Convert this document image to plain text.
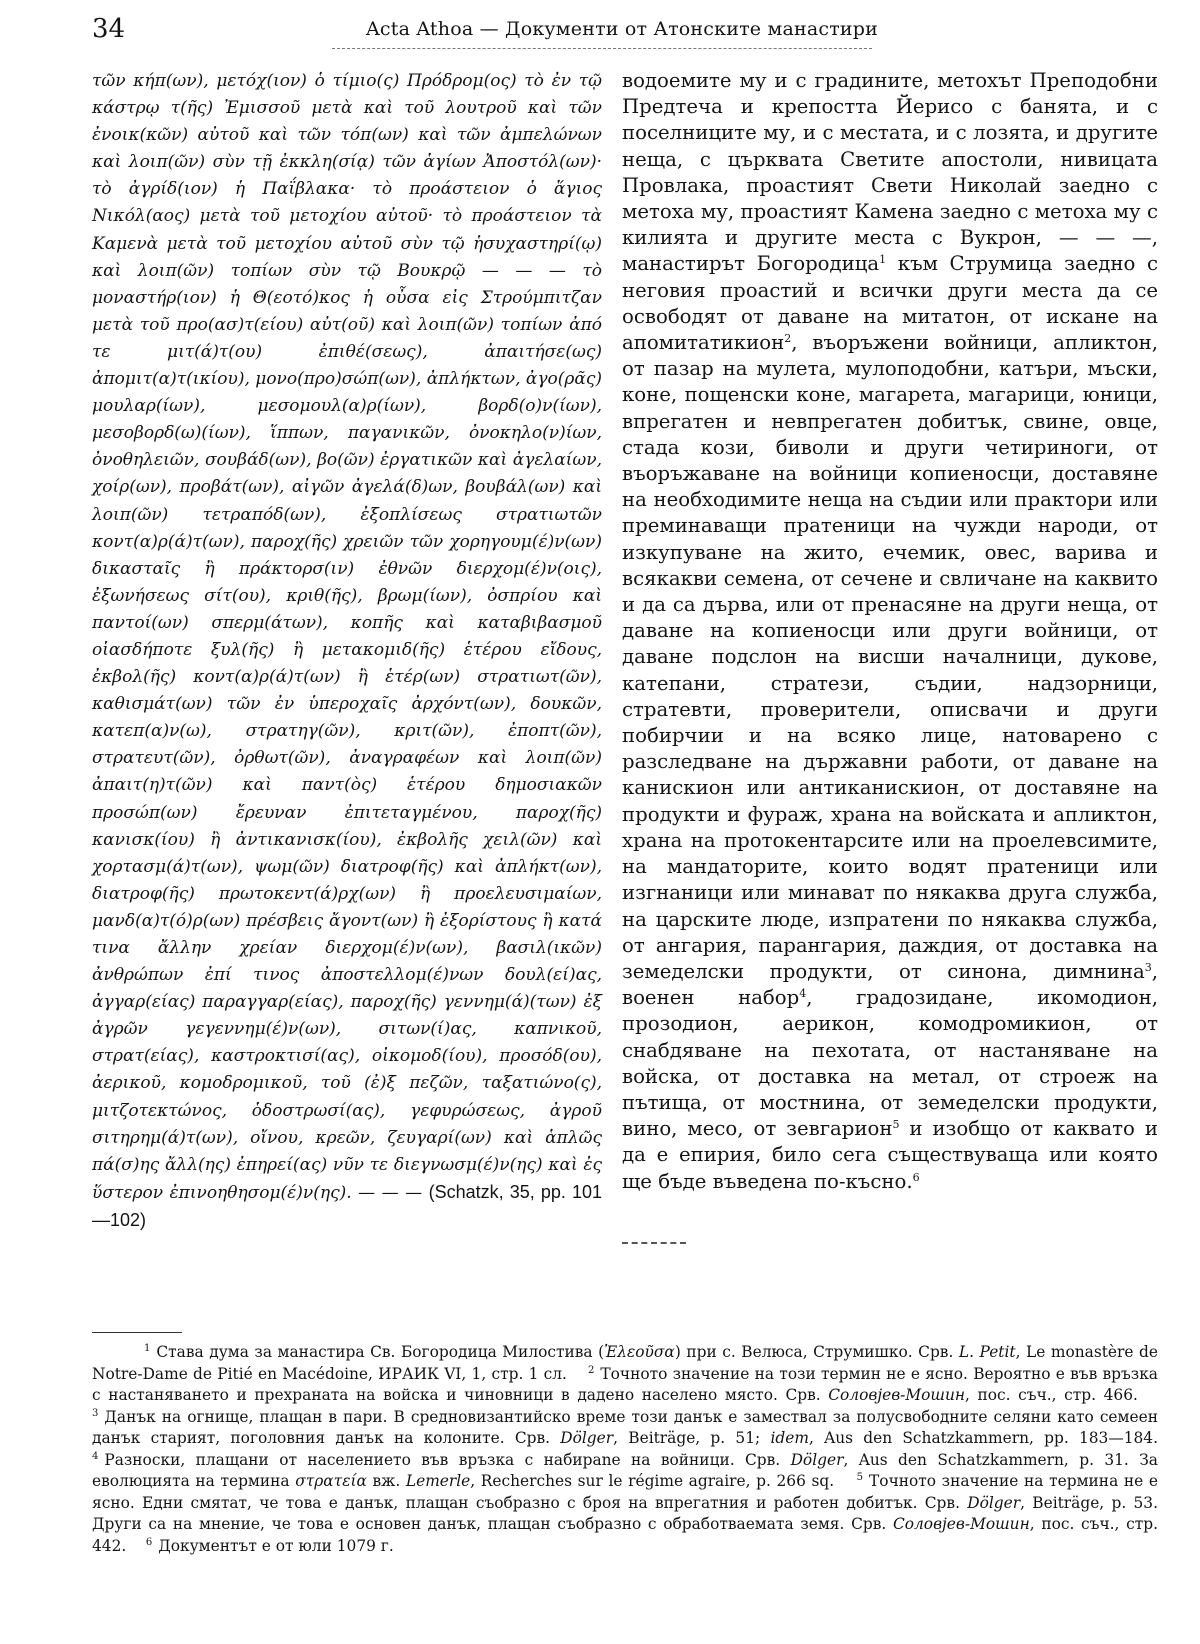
34	Acta Athoa — Документи от Атонските манастири

τῶν κήπ(ων), μετόχ(ιον) ὁ τίμιο(ς) Πρόδρομ(ος) τὸ ἐν τῷ κάστρῳ τ(ῆς) Ἐμισσοῦ μετὰ καὶ τοῦ λουτροῦ καὶ τῶν ἐνοικ(κῶν) αὐτοῦ καὶ τῶν τόπ(ων) καὶ τῶν ἀμπελώνων καὶ λοιπ(ῶν) σὺν τῇ ἐκκλη(σίᾳ) τῶν ἁγίων Ἀποστόλ(ων)· τὸ ἀγρίδ(ιον) ἡ Παΐβλακα· τὸ προάστειον ὁ ἅγιος Νικόλ(αος) μετὰ τοῦ μετοχίου αὐτοῦ· τὸ προάστειον τὰ Καμενὰ μετὰ τοῦ μετοχίου αὐτοῦ σὺν τῷ ἡσυχαστηρί(ῳ) καὶ λοιπ(ῶν) τοπίων σὺν τῷ Βουκρῷ — — — τὸ μοναστήρ(ιον) ἡ Θ(εοτό)κος ἡ οὖσα εἰς Στρούμπιτζαν μετὰ τοῦ προ(ασ)τ(είου) αὐτ(οῦ) καὶ λοιπ(ῶν) τοπίων ἀπό τε μιτ(ά)τ(ου) ἐπιθέ(σεως), ἀπαιτήσε(ως) ἀπομιτ(α)τ(ικίου), μονο(προ)σώπ(ων), ἀπλήκτων, ἀγο(ρᾶς) μουλαρ(ίων), μεσομουλ(α)ρ(ίων), βορδ(ο)ν(ίων), μεσοβορδ(ω)(ίων), ἵππων, παγανικῶν, ὀνοκηλο(ν)ίων, ὀνοθηλειῶν, σουβάδ(ων), βο(ῶν) ἐργατικῶν καὶ ἀγελαίων, χοίρ(ων), προβάτ(ων), αἰγῶν ἀγελά(δ)ων, βουβάλ(ων) καὶ λοιπ(ῶν) τετραπόδ(ων), ἐξοπλίσεως στρατιωτῶν κοντ(α)ρ(ά)τ(ων), παροχ(ῆς) χρειῶν τῶν χορηγουμ(έ)ν(ων) δικασταῖς ἢ πράκτορσ(ιν) ἐθνῶν διερχομ(έ)ν(οις), ἐξωνήσεως σίτ(ου), κριθ(ῆς), βρωμ(ίων), ὀσπρίου καὶ παντοί(ων) σπερμ(άτων), κοπῆς καὶ καταβιβασμοῦ οἱασδήποτε ξυλ(ῆς) ἢ μετακομιδ(ῆς) ἑτέρου εἴδους, ἐκβολ(ῆς) κοντ(α)ρ(ά)τ(ων) ἢ ἑτέρ(ων) στρατιωτ(ῶν), καθισμάτ(ων) τῶν ἐν ὑπεροχαῖς ἀρχόντ(ων), δουκῶν, κατεπ(α)ν(ω), στρατηγ(ῶν), κριτ(ῶν), ἐποπτ(ῶν), στρατευτ(ῶν), ὀρθωτ(ῶν), ἀναγραφέων καὶ λοιπ(ῶν) ἀπαιτ(η)τ(ῶν) καὶ παντ(ὸς) ἑτέρου δημοσιακῶν προσώπ(ων) ἔρευναν ἐπιτεταγμένου, παροχ(ῆς) κανισκ(ίου) ἢ ἀντικανισκ(ίου), ἐκβολῆς χειλ(ῶν) καὶ χορτασμ(ά)τ(ων), ψωμ(ῶν) διατροφ(ῆς) καὶ ἀπλήκτ(ων), διατροφ(ῆς) πρωτοκεντ(ά)ρχ(ων) ἢ προελευσιμαίων, μανδ(α)τ(ό)ρ(ων) πρέσβεις ἄγοντ(ων) ἢ ἐξορίστους ἢ κατά τινα ἄλλην χρείαν διερχομ(έ)ν(ων), βασιλ(ικῶν) ἀνθρώπων ἐπί τινος ἀποστελλομ(έ)νων δουλ(εί)ας, ἀγγαρ(είας) παραγγαρ(είας), παροχ(ῆς) γεννημ(ά)(των) ἐξ ἀγρῶν γεγεννημ(έ)ν(ων), σιτων(ί)ας, καπνικοῦ, στρατ(είας), καστροκτισί(ας), οἰκομοδ(ίου), προσόδ(ου), ἀερικοῦ, κομοδρομικοῦ, τοῦ (ἐ)ξ πεζῶν, ταξατιώνο(ς), μιτζοτεκτώνος, ὁδοστρωσί(ας), γεφυρώσεως, ἀγροῦ σιτηρημ(ά)τ(ων), οἴνου, κρεῶν, ζευγαρί(ων) καὶ ἁπλῶς πά(σ)ης ἄλλ(ης) ἐπηρεί(ας) νῦν τε διεγνωσμ(έ)ν(ης) καὶ ἐς ὕστερον ἐπινοηθησομ(έ)ν(ης). — — — (Schatzk, 35, pp. 101—102)

водоемите му и с градините, метохът Преподобни Предтеча и крепостта Йерисо с банята, и с поселниците му, и с местата, и с лозята, и другите неща, с църквата Светите апостоли, нивицата Провлака, проастият Свети Николай заедно с метоха му, проастият Камена заедно с метоха му с килията и другите места с Вукрон, — — —, манастирът Богородица$^1$ към Струмица заедно с неговия проастий и всички други места да се освободят от даване на митатон, от искане на апомитатикион$^2$, въоръжени войници, апликтон, от пазар на мулета, мулоподобни, катъри, мъски, коне, пощенски коне, магарета, магарици, юници, впрегатен и невпрегатен добитък, свине, овце, стада кози, биволи и други четириноги, от въоръжаване на войници копиеносци, доставяне на необходимите неща на съдии или практори или преминаващи пратеници на чужди народи, от изкупуване на жито, ечемик, овес, варива и всякакви семена, от сечене и свличане на каквито и да са дърва, или от пренасяне на други неща, от даване на копиеносци или други войници, от даване подслон на висши началници, дукове, катепани, стратези, съдии, надзорници, стратевти, проверители, описвачи и други побирчии и на всяко лице, натоварено с разследване на държавни работи, от даване на канискион или антиканискион, от доставяне на продукти и фураж, храна на войската и апликтон, храна на протокентарсите или на проелевсимите, на мандаторите, които водят пратеници или изгнаници или минават по някаква друга служба, на царските люде, изпратени по някаква служба, от ангария, парангария, даждия, от доставка на земеделски продукти, от синона, димнина$^3$, военен набор$^4$, градозидане, икомодион, прозодион, аерикон, комодромикион, от снабдяване на пехотата, от настаняване на войска, от доставка на метал, от строеж на пътища, от мостнина, от земеделски продукти, вино, месо, от зевгарион$^5$ и изобщо от каквато и да е епирия, било сега съществуваща или която ще бъде въведена по-късно.$^6$

$^1$ Става дума за манастира Св. Богородица Милостива (Ἐλεοῦσα) при с. Велюса, Струмишко. Срв. L. Petit, Le monastère de Notre-Dame de Pitié en Macédoine, ИРАИК VI, 1, стр. 1 сл. $^2$ Точното значение на този термин не е ясно. Вероятно е във връзка с настаняването и прехраната на войска и чиновници в дадено населено място. Срв. Соловјев-Мошин, пос. съч., стр. 466.    $^3$ Данък на огнище, плащан в пари. В средновизантийско време този данък е замествал за полусвободните селяни като семеен данък старият, поголовния данък на колоните. Срв. Dölger, Beiträge, p. 51; idem, Aus den Schatzkammern, pp. 183—184. $^4$ Разноски, плащани от населението във връзка с набирane на войници. Срв. Dölger, Aus den Schatzkammern, p. 31. За еволюцията на термина στρατεία вж. Lemerle, Recherches sur le régime agraire, p. 266 sq. $^5$ Точното значение на термина не е ясно. Едни смятат, че това е данък, плащан съобразно с броя на впрегатния и работен добитък. Срв. Dölger, Beiträge, p. 53. Други са на мнение, че това е основен данък, плащан съобразно с обработваемата земя. Срв. Соловјев-Мошин, пос. съч., стр. 442. $^6$ Документът е от юли 1079 г.
